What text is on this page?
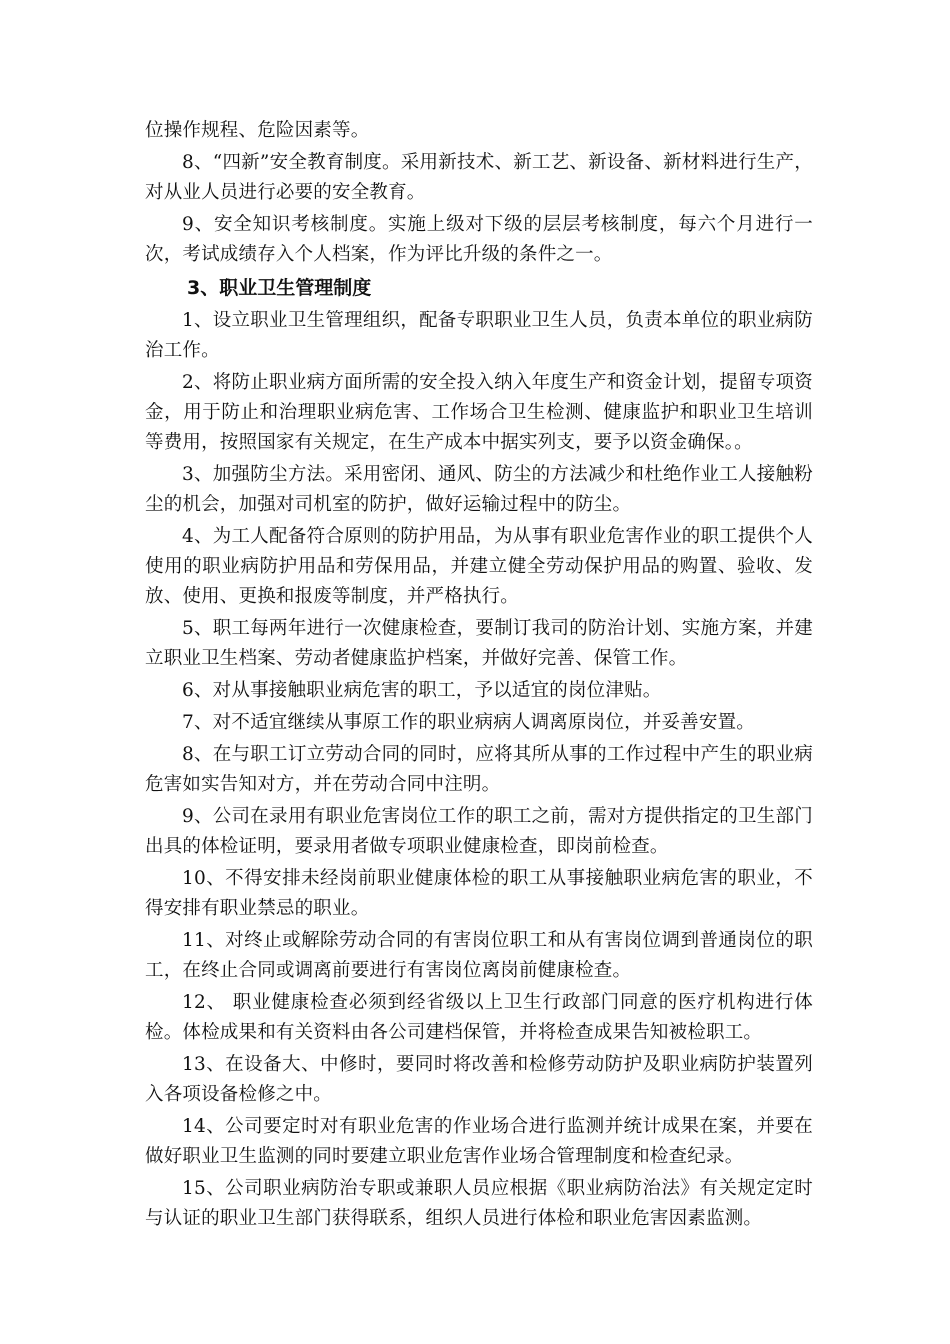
位操作规程、危险因素等。

8、“四新”安全教育制度。采用新技术、新工艺、新设备、新材料进行生产，对从业人员进行必要的安全教育。

9、安全知识考核制度。实施上级对下级的层层考核制度，每六个月进行一次，考试成绩存入个人档案，作为评比升级的条件之一。

3、职业卫生管理制度

1、设立职业卫生管理组织，配备专职职业卫生人员，负责本单位的职业病防治工作。

2、将防止职业病方面所需的安全投入纳入年度生产和资金计划，提留专项资金，用于防止和治理职业病危害、工作场合卫生检测、健康监护和职业卫生培训等费用，按照国家有关规定，在生产成本中据实列支，要予以资金确保。。

3、加强防尘方法。采用密闭、通风、防尘的方法减少和杜绝作业工人接触粉尘的机会，加强对司机室的防护，做好运输过程中的防尘。

4、为工人配备符合原则的防护用品，为从事有职业危害作业的职工提供个人使用的职业病防护用品和劳保用品，并建立健全劳动保护用品的购置、验收、发放、使用、更换和报废等制度，并严格执行。

5、职工每两年进行一次健康检查，要制订我司的防治计划、实施方案，并建立职业卫生档案、劳动者健康监护档案，并做好完善、保管工作。

6、对从事接触职业病危害的职工，予以适宜的岗位津贴。

7、对不适宜继续从事原工作的职业病病人调离原岗位，并妥善安置。

8、在与职工订立劳动合同的同时，应将其所从事的工作过程中产生的职业病危害如实告知对方，并在劳动合同中注明。

9、公司在录用有职业危害岗位工作的职工之前，需对方提供指定的卫生部门出具的体检证明，要录用者做专项职业健康检查，即岗前检查。

10、不得安排未经岗前职业健康体检的职工从事接触职业病危害的职业，不得安排有职业禁忌的职业。

11、对终止或解除劳动合同的有害岗位职工和从有害岗位调到普通岗位的职工，在终止合同或调离前要进行有害岗位离岗前健康检查。

12、 职业健康检查必须到经省级以上卫生行政部门同意的医疗机构进行体检。体检成果和有关资料由各公司建档保管，并将检查成果告知被检职工。

13、在设备大、中修时，要同时将改善和检修劳动防护及职业病防护装置列入各项设备检修之中。

14、公司要定时对有职业危害的作业场合进行监测并统计成果在案，并要在做好职业卫生监测的同时要建立职业危害作业场合管理制度和检查纪录。

15、公司职业病防治专职或兼职人员应根据《职业病防治法》有关规定定时与认证的职业卫生部门获得联系，组织人员进行体检和职业危害因素监测。
